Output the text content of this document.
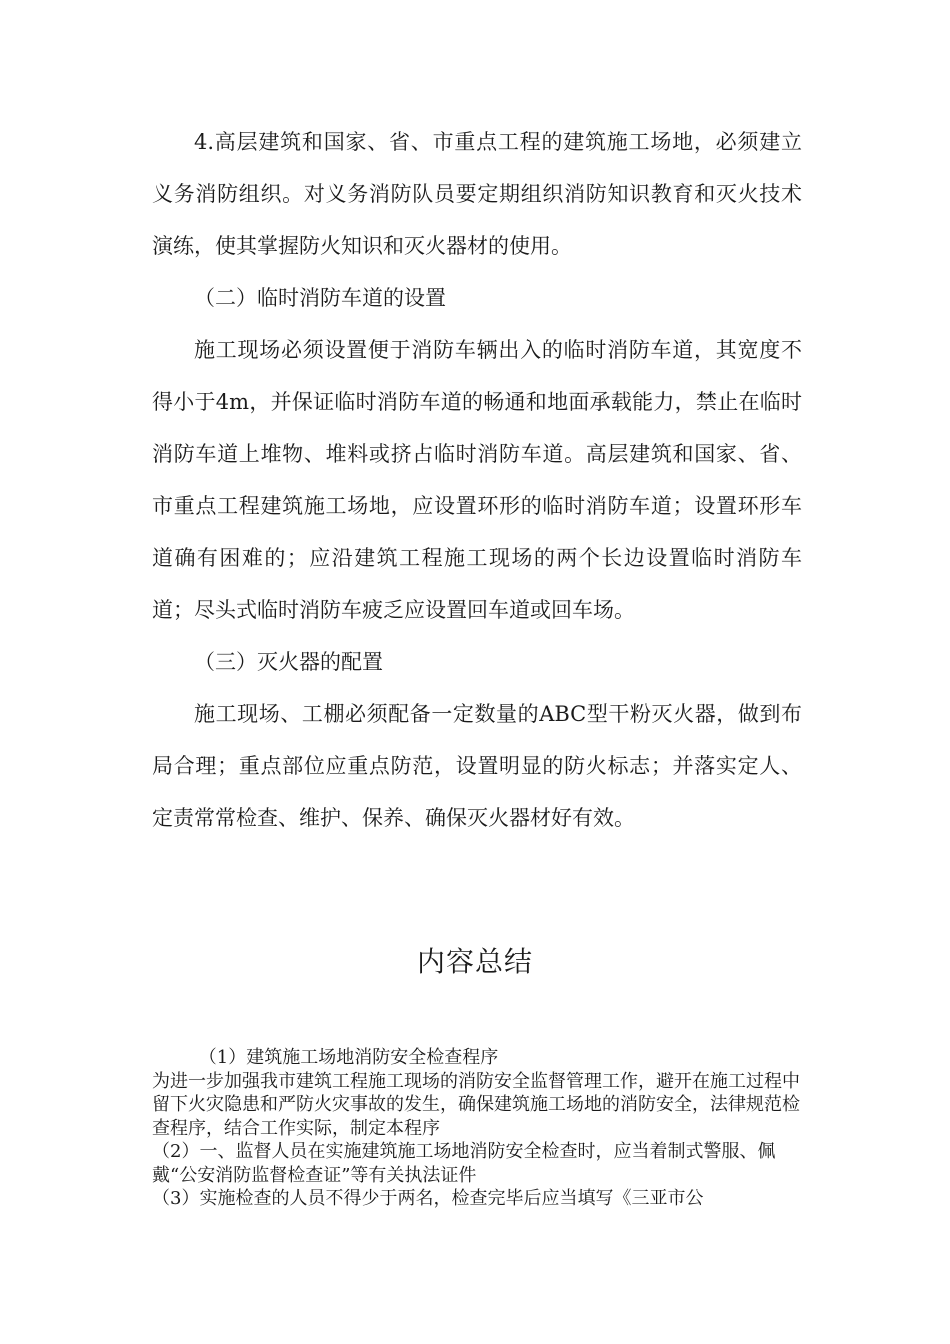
4.高层建筑和国家、省、市重点工程的建筑施工场地，必须建立义务消防组织。对义务消防队员要定期组织消防知识教育和灭火技术演练，使其掌握防火知识和灭火器材的使用。

（二）临时消防车道的设置

施工现场必须设置便于消防车辆出入的临时消防车道，其宽度不得小于4m，并保证临时消防车道的畅通和地面承载能力，禁止在临时消防车道上堆物、堆料或挤占临时消防车道。高层建筑和国家、省、市重点工程建筑施工场地，应设置环形的临时消防车道；设置环形车道确有困难的；应沿建筑工程施工现场的两个长边设置临时消防车道；尽头式临时消防车疲乏应设置回车道或回车场。

（三）灭火器的配置

施工现场、工棚必须配备一定数量的ABC型干粉灭火器，做到布局合理；重点部位应重点防范，设置明显的防火标志；并落实定人、定责常常检查、维护、保养、确保灭火器材好有效。

内容总结

（1）建筑施工场地消防安全检查程序

为进一步加强我市建筑工程施工现场的消防安全监督管理工作，避开在施工过程中留下火灾隐患和严防火灾事故的发生，确保建筑施工场地的消防安全，法律规范检查程序，结合工作实际，制定本程序

（2）一、监督人员在实施建筑施工场地消防安全检查时，应当着制式警服、佩戴“公安消防监督检查证”等有关执法证件

（3）实施检查的人员不得少于两名，检查完毕后应当填写《三亚市公
